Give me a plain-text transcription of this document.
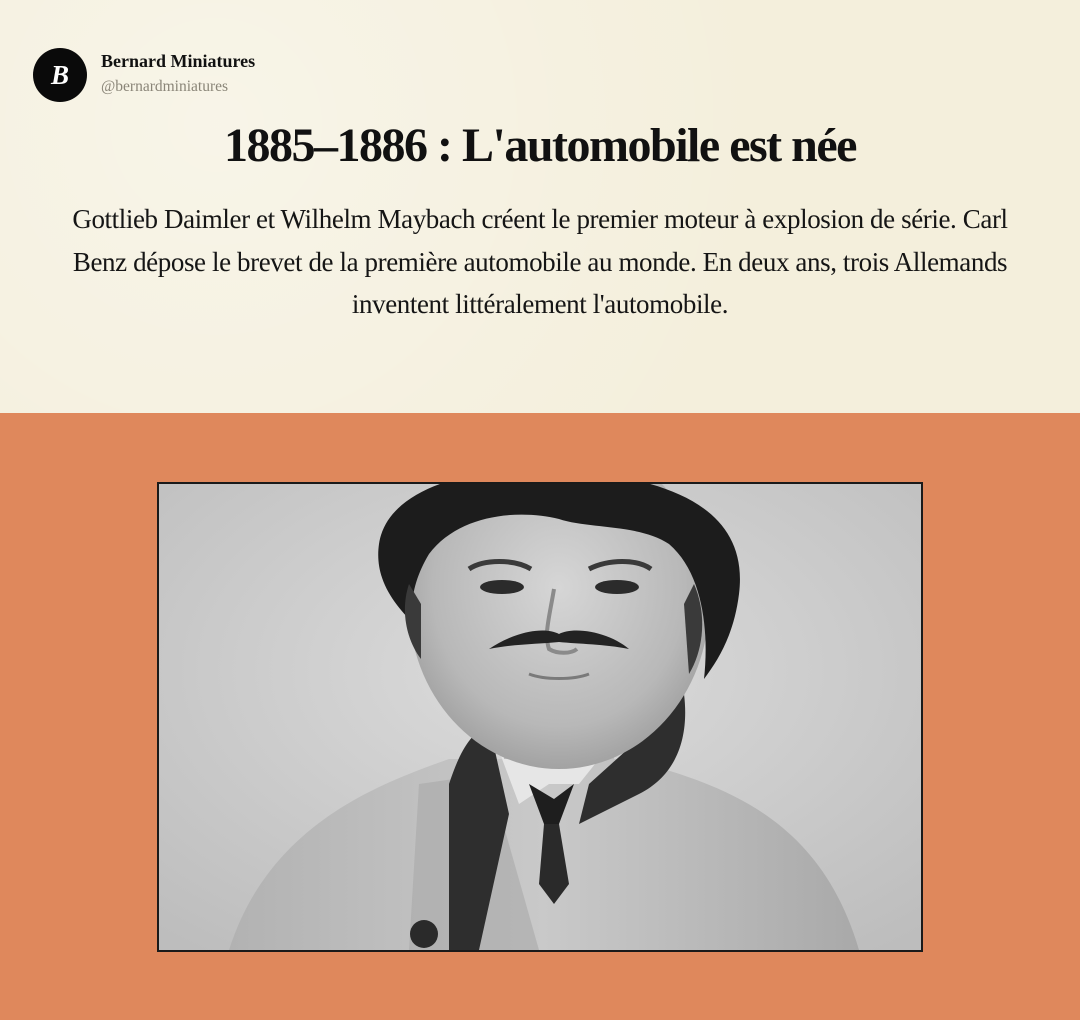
B Bernard Miniatures
@bernardminiatures
1885–1886 : L'automobile est née

Gottlieb Daimler et Wilhelm Maybach créent le premier moteur à explosion de série. Carl Benz dépose le brevet de la première automobile au monde. En deux ans, trois Allemands inventent littéralement l'automobile.
